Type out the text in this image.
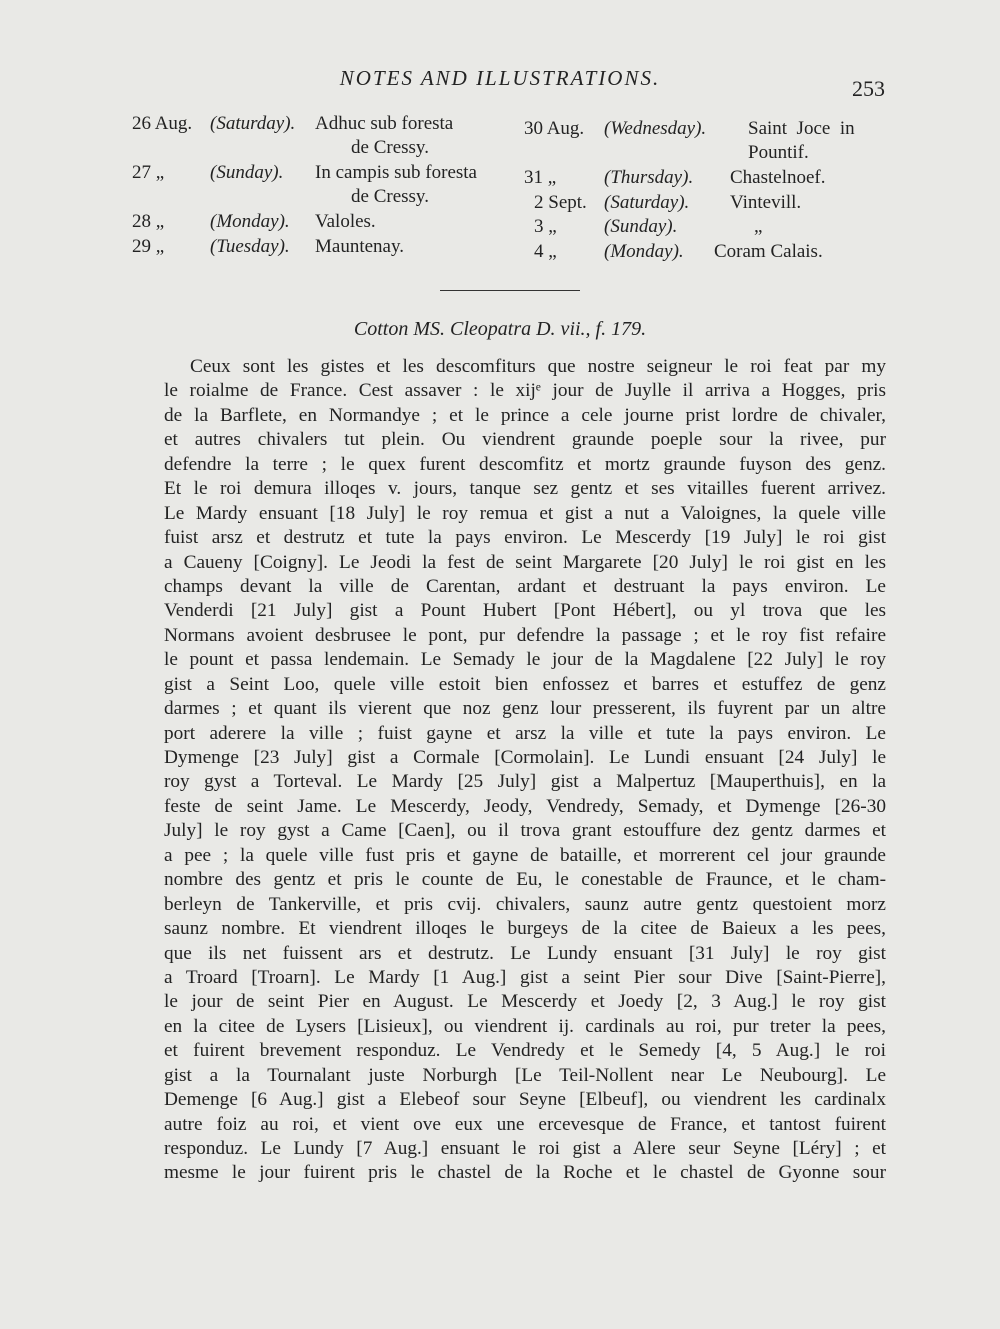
NOTES AND ILLUSTRATIONS.	253
26 Aug. (Saturday). Adhuc sub foresta

de Cressy.
27 „ (Sunday). In campis sub foresta

de Cressy.
28 „ (Monday). Valoles.
29 „ (Tuesday). Mauntenay.
30 Aug. (Wednesday). Saint  Joce  in
Pountif.
31 „	(Thursday). Chastelnoef.
2 Sept. (Saturday). Vintevill.
3 „ (Sunday).	„
4 „ (Monday). Coram Calais.
Cotton MS. Cleopatra D. vii., f. 179.
Ceux sont les gistes et les descomfiturs que nostre seigneur le roi feat par my
le roialme de France. Cest assaver : le xijᵉ jour de Juylle il arriva a Hogges, pris
de la Barflete, en Normandye ; et le prince a cele journe prist lordre de chivaler,
et autres chivalers tut plein. Ou viendrent graunde poeple sour la rivee, pur
defendre la terre ; le quex furent descomfitz et mortz graunde fuyson des genz.
Et le roi demura illoqes v. jours, tanque sez gentz et ses vitailles fuerent arrivez.
Le Mardy ensuant [18 July] le roy remua et gist a nut a Valoignes, la quele ville
fuist arsz et destrutz et tute la pays environ. Le Mescerdy [19 July] le roi gist
a Caueny [Coigny]. Le Jeodi la fest de seint Margarete [20 July] le roi gist en les
champs devant la ville de Carentan, ardant et destruant la pays environ. Le
Venderdi [21 July] gist a Pount Hubert [Pont Hébert], ou yl trova que les
Normans avoient desbrusee le pont, pur defendre la passage ; et le roy fist refaire
le pount et passa lendemain. Le Semady le jour de la Magdalene [22 July] le roy
gist a Seint Loo, quele ville estoit bien enfossez et barres et estuffez de genz
darmes ; et quant ils vierent que noz genz lour presserent, ils fuyrent par un altre
port aderere la ville ; fuist gayne et arsz la ville et tute la pays environ. Le
Dymenge [23 July] gist a Cormale [Cormolain]. Le Lundi ensuant [24 July] le
roy gyst a Torteval. Le Mardy [25 July] gist a Malpertuz [Mauperthuis], en la
feste de seint Jame. Le Mescerdy, Jeody, Vendredy, Semady, et Dymenge [26-30
July] le roy gyst a Came [Caen], ou il trova grant estouffure dez gentz darmes et
a pee ; la quele ville fust pris et gayne de bataille, et morrerent cel jour graunde
nombre des gentz et pris le counte de Eu, le conestable de Fraunce, et le cham-
berleyn de Tankerville, et pris cvij. chivalers, saunz autre gentz questoient morz
saunz nombre. Et viendrent illoqes le burgeys de la citee de Baieux a les pees,
que ils net fuissent ars et destrutz. Le Lundy ensuant [31 July] le roy gist
a Troard [Troarn]. Le Mardy [1 Aug.] gist a seint Pier sour Dive [Saint-Pierre],
le jour de seint Pier en August. Le Mescerdy et Joedy [2, 3 Aug.] le roy gist
en la citee de Lysers [Lisieux], ou viendrent ij. cardinals au roi, pur treter la pees,
et fuirent brevement responduz. Le Vendredy et le Semedy [4, 5 Aug.] le roi
gist a la Tournalant juste Norburgh [Le Teil-Nollent near Le Neubourg]. Le
Demenge [6 Aug.] gist a Elebeof sour Seyne [Elbeuf], ou viendrent les cardinalx
autre foiz au roi, et vient ove eux une ercevesque de France, et tantost fuirent
responduz. Le Lundy [7 Aug.] ensuant le roi gist a Alere seur Seyne [Léry] ; et
mesme le jour fuirent pris le chastel de la Roche et le chastel de Gyonne sour
